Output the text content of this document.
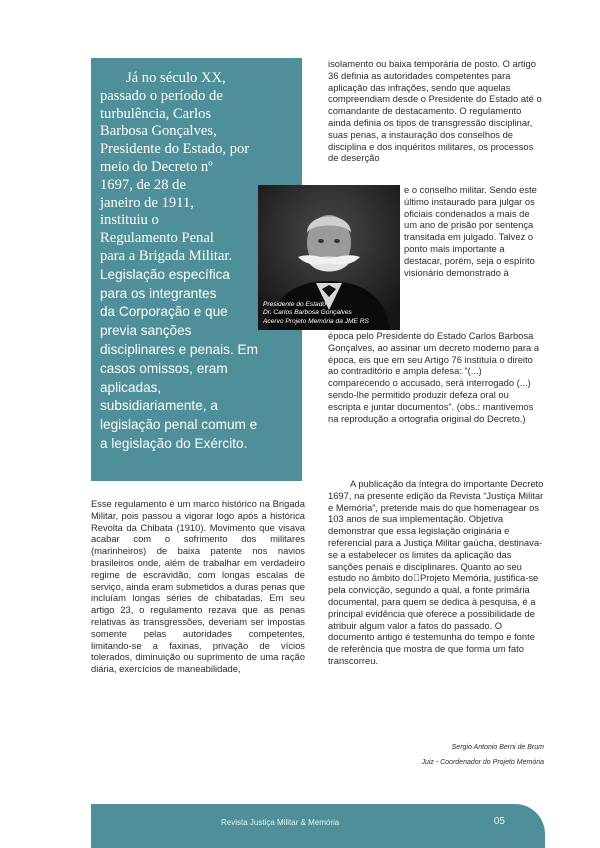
Já no século XX,
passado o período de
turbulência, Carlos
Barbosa Gonçalves,
Presidente do Estado, por
meio do Decreto nº
1697, de 28 de
janeiro de 1911,
instituiu o
Regulamento Penal
para a Brigada Militar.
Legislação específica
para os integrantes
da Corporação e que
previa sanções
disciplinares e penais. Em
casos omissos, eram
aplicadas,
subsidiariamente, a
legislação penal comum e
a legislação do Exército.

Presidente do Estado
Dr. Carlos Barbosa Gonçalves
Acervo Projeto Memória da JME RS

isolamento ou baixa temporária de posto. O artigo 36 definia as autoridades competentes para aplicação das infrações, sendo que aquelas compreendiam desde o Presidente do Estado até o comandante de destacamento. O regulamento ainda definia os tipos de transgressão disciplinar, suas penas, a instauração dos conselhos de disciplina e dos inquéritos militares, os processos de deserção

e o conselho militar. Sendo este último instaurado para julgar os oficiais condenados a mais de um ano de prisão por sentença transitada em julgado. Talvez o ponto mais importante a destacar, porém, seja o espírito visionário demonstrado à

época pelo Presidente do Estado Carlos Barbosa Gonçalves, ao assinar um decreto moderno para a época, eis que em seu Artigo 76 instituía o direito ao contraditório e ampla defesa: “(...) comparecendo o accusado, será interrogado (...) sendo-lhe permitido produzir defeza oral ou escripta e juntar documentos”. (obs.: mantivemos na reprodução a ortografia original do Decreto.)

A publicação da íntegra do importante Decreto 1697, na presente edição da Revista “Justiça Militar e Memória”, pretende mais do que homenagear os 103 anos de sua implementação. Objetiva demonstrar que essa legislação originária e referencial para a Justiça Militar gaúcha, destinava-se a estabelecer os limites da aplicação das sanções penais e disciplinares. Quanto ao seu estudo no âmbito do Projeto Memória, justifica-se pela convicção, segundo a qual, a fonte primária documental, para quem se dedica à pesquisa, é a principal evidência que oferece a possibilidade de atribuir algum valor a fatos do passado. O documento antigo é testemunha do tempo e fonte de referência que mostra de que forma um fato transcorreu.

Esse regulamento é um marco histórico na Brigada Militar, pois passou a vigorar logo após a histórica Revolta da Chibata (1910). Movimento que visava acabar com o sofrimento dos militares (marinheiros) de baixa patente nos navios brasileiros onde, além de trabalhar em verdadeiro regime de escravidão, com longas escalas de serviço, ainda eram submetidos a duras penas que incluíam longas séries de chibatadas. Em seu artigo 23, o regulamento rezava que as penas relativas às transgressões, deveriam ser impostas somente pelas autoridades competentes, limitando-se a faxinas, privação de vícios tolerados, diminuição ou suprimento de uma ração diária, exercícios de maneabilidade,

Sergio Antonio Berni de Brum
Juiz - Coordenador do Projeto Memória
Revista Justiça Militar & Memória	05
